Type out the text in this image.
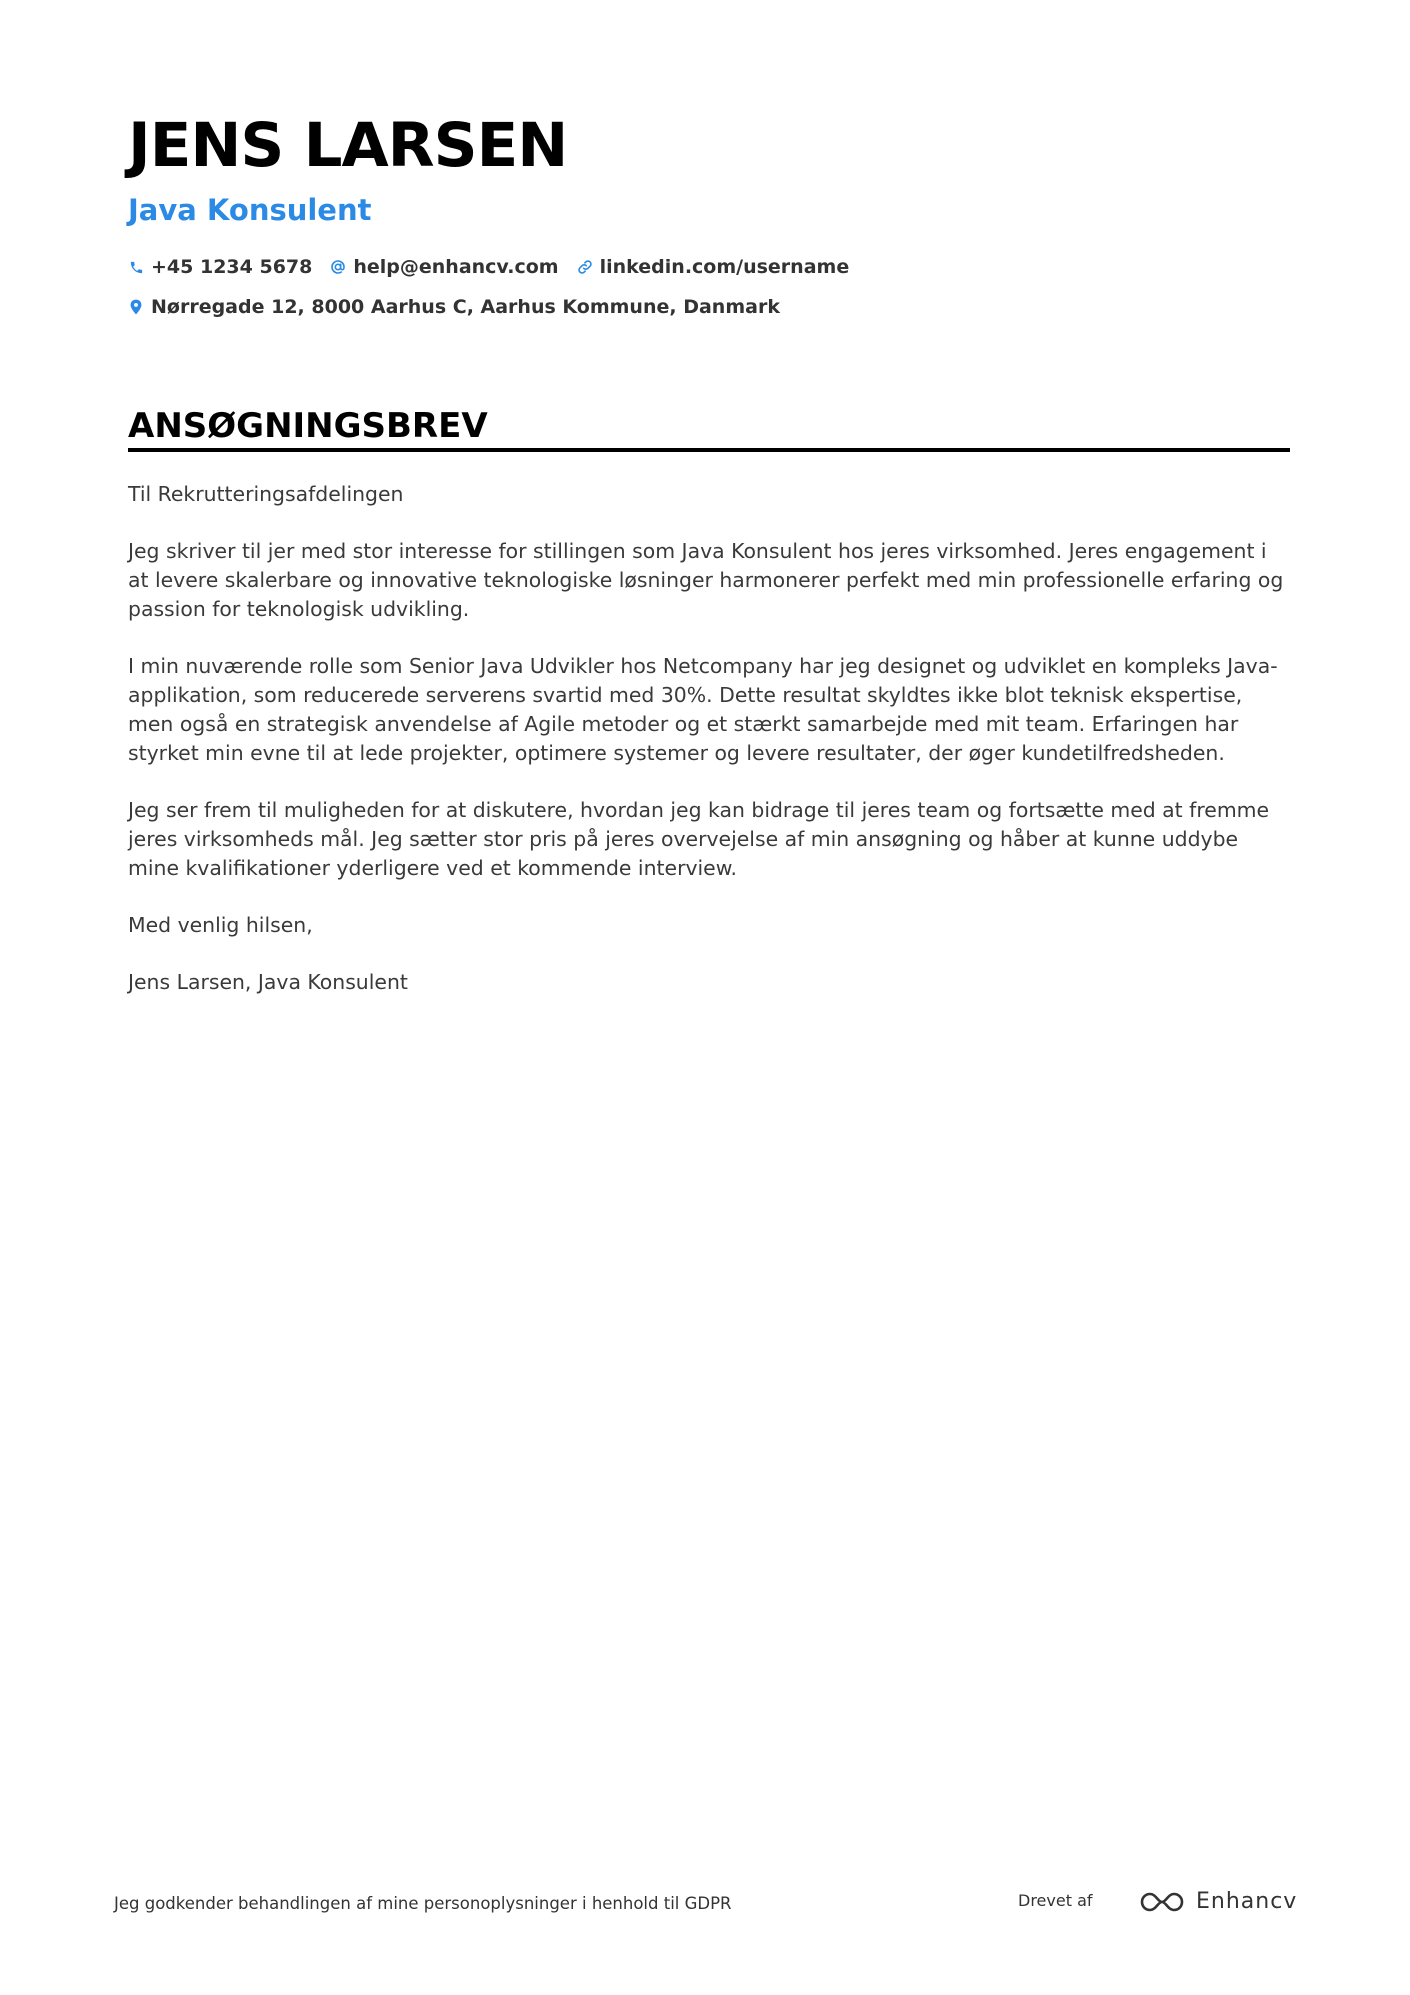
JENS LARSEN
Java Konsulent
+45 1234 5678 help@enhancv.com linkedin.com/username
Nørregade 12, 8000 Aarhus C, Aarhus Kommune, Danmark
ANSØGNINGSBREV

Til Rekrutteringsafdelingen

Jeg skriver til jer med stor interesse for stillingen som Java Konsulent hos jeres virksomhed. Jeres engagement i at levere skalerbare og innovative teknologiske løsninger harmonerer perfekt med min professionelle erfaring og passion for teknologisk udvikling.

I min nuværende rolle som Senior Java Udvikler hos Netcompany har jeg designet og udviklet en kompleks Java-applikation, som reducerede serverens svartid med 30%. Dette resultat skyldtes ikke blot teknisk ekspertise, men også en strategisk anvendelse af Agile metoder og et stærkt samarbejde med mit team. Erfaringen har styrket min evne til at lede projekter, optimere systemer og levere resultater, der øger kundetilfredsheden.

Jeg ser frem til muligheden for at diskutere, hvordan jeg kan bidrage til jeres team og fortsætte med at fremme jeres virksomheds mål. Jeg sætter stor pris på jeres overvejelse af min ansøgning og håber at kunne uddybe mine kvalifikationer yderligere ved et kommende interview.

Med venlig hilsen,

Jens Larsen, Java Konsulent

Jeg godkender behandlingen af mine personoplysninger i henhold til GDPR	Drevet af	Enhancv
